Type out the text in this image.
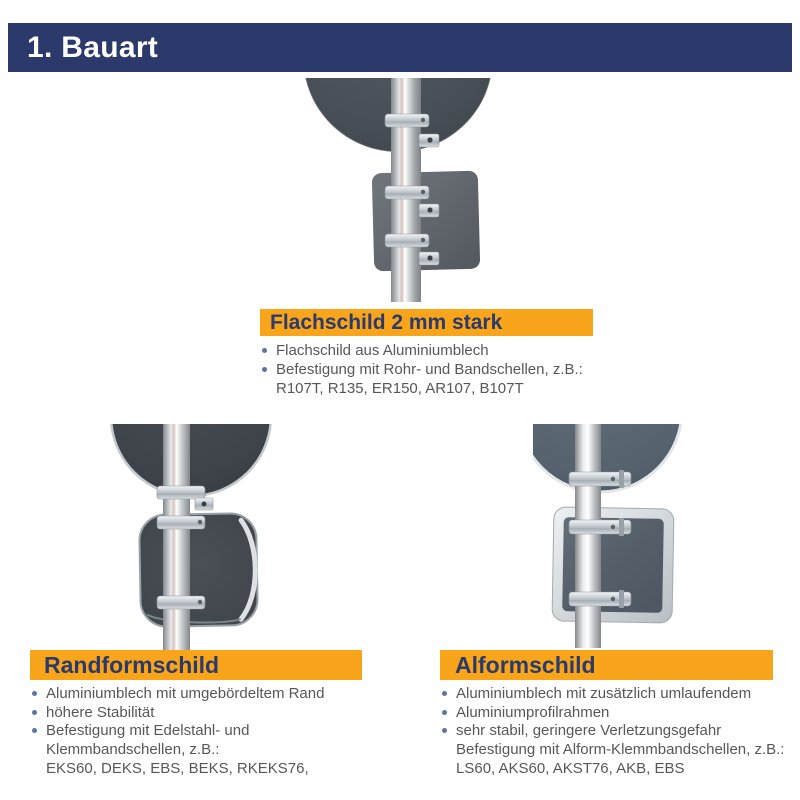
1. Bauart
Flachschild 2 mm stark
Flachschild aus Aluminiumblech
Befestigung mit Rohr- und Bandschellen, z.B.:
R107T, R135, ER150, AR107, B107T
Randformschild
Aluminiumblech mit umgebördeltem Rand
höhere Stabilität
Befestigung mit Edelstahl- und
Klemmbandschellen, z.B.:
EKS60, DEKS, EBS, BEKS, RKEKS76,
Alformschild
Aluminiumblech mit zusätzlich umlaufendem
Aluminiumprofilrahmen
sehr stabil, geringere Verletzungsgefahr
Befestigung mit Alform-Klemmbandschellen, z.B.:
LS60, AKS60, AKST76, AKB, EBS
